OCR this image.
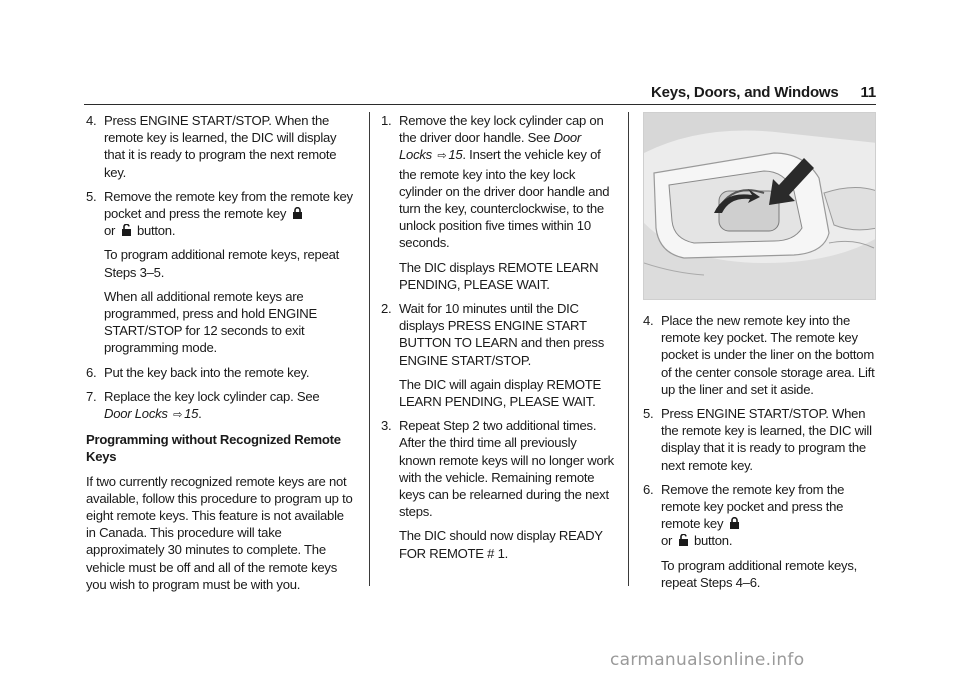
Keys, Doors, and Windows 11
4. Press ENGINE START/STOP. When the remote key is learned, the DIC will display that it is ready to program the next remote key.
5. Remove the remote key from the remote key pocket and press the remote key
or button.

To program additional remote keys, repeat Steps 3–5.

When all additional remote keys are programmed, press and hold ENGINE START/STOP for 12 seconds to exit programming mode.

6. Put the key back into the remote key.
7. Replace the key lock cylinder cap. See
Door Locks ⇨ 15.

Programming without Recognized Remote Keys

If two currently recognized remote keys are not available, follow this procedure to program up to eight remote keys. This feature is not available in Canada. This procedure will take approximately 30 minutes to complete. The vehicle must be off and all of the remote keys you wish to program must be with you.

1. Remove the key lock cylinder cap on the driver door handle. See Door Locks ⇨ 15. Insert the vehicle key of the remote key into the key lock cylinder on the driver door handle and turn the key, counterclockwise, to the unlock position five times within 10 seconds.

The DIC displays REMOTE LEARN PENDING, PLEASE WAIT.

2. Wait for 10 minutes until the DIC displays PRESS ENGINE START BUTTON TO LEARN and then press ENGINE START/STOP.

The DIC will again display REMOTE LEARN PENDING, PLEASE WAIT.

3. Repeat Step 2 two additional times. After the third time all previously known remote keys will no longer work with the vehicle. Remaining remote keys can be relearned during the next steps.

The DIC should now display READY FOR REMOTE # 1.

4. Place the new remote key into the remote key pocket. The remote key pocket is under the liner on the bottom of the center console storage area. Lift up the liner and set it aside.
5. Press ENGINE START/STOP. When the remote key is learned, the DIC will display that it is ready to program the next remote key.
6. Remove the remote key from the remote key pocket and press the remote key
or button.

To program additional remote keys, repeat Steps 4–6.

carmanualsonline.info
